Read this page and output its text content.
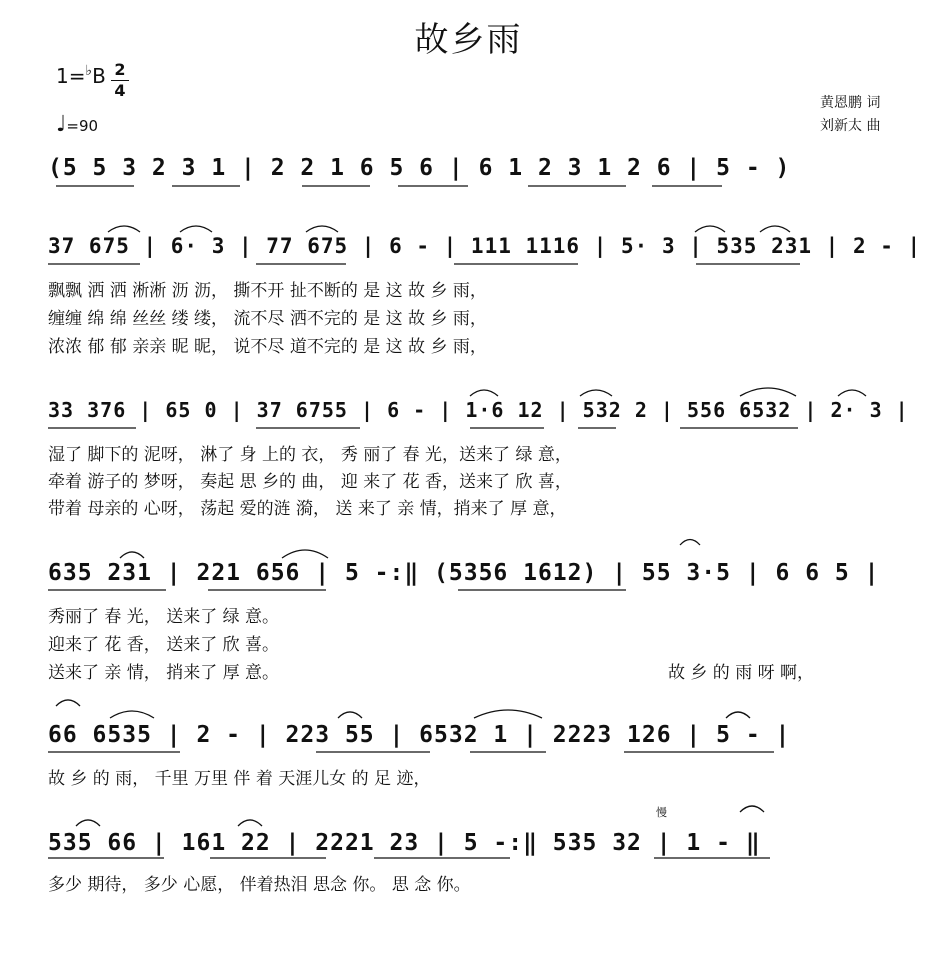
故乡雨
1=♭B 2
4
♩=90
黄恩鹏 词
刘新太 曲
(5 5 3 2 3 1 | 2 2 1 6 5 6 | 6 1 2 3 1 2 6 | 5 - )
37 675 | 6· 3 | 77 675 | 6 - | 111 1116 | 5· 3 | 535 231 | 2 - |
飘飘 洒 洒 淅淅 沥 沥， 撕不开 扯不断的 是 这 故 乡 雨，
缠缠 绵 绵 丝丝 缕 缕， 流不尽 洒不完的 是 这 故 乡 雨，
浓浓 郁 郁 亲亲 昵 昵， 说不尽 道不完的 是 这 故 乡 雨，
33 376 | 65 0 | 37 6755 | 6 - | 1·6 12 | 532 2 | 556 6532 | 2· 3 |
湿了 脚下的 泥呀， 淋了 身 上的 衣， 秀 丽了 春 光，送来了 绿 意，
牵着 游子的 梦呀， 奏起 思 乡的 曲， 迎 来了 花 香，送来了 欣 喜，
带着 母亲的 心呀， 荡起 爱的涟 漪， 送 来了 亲 情，捎来了 厚 意，
635 231 | 221 656 | 5 -:‖ (5356 1612) | 55 3·5 | 6 6 5 |
秀丽了 春 光， 送来了 绿 意。
迎来了 花 香， 送来了 欣 喜。
送来了 亲 情， 捎来了 厚 意。	故 乡 的 雨 呀 啊，
66 6535 | 2 - | 223 55 | 6532 1 | 2223 126 | 5 - |
故 乡 的 雨， 千里 万里 伴 着 天涯儿女 的 足 迹，
慢
535 66 | 161 22 | 2221 23 | 5 -:‖ 535 32 | 1 - ‖
多少 期待， 多少 心愿， 伴着热泪 思念 你。 思 念 你。
